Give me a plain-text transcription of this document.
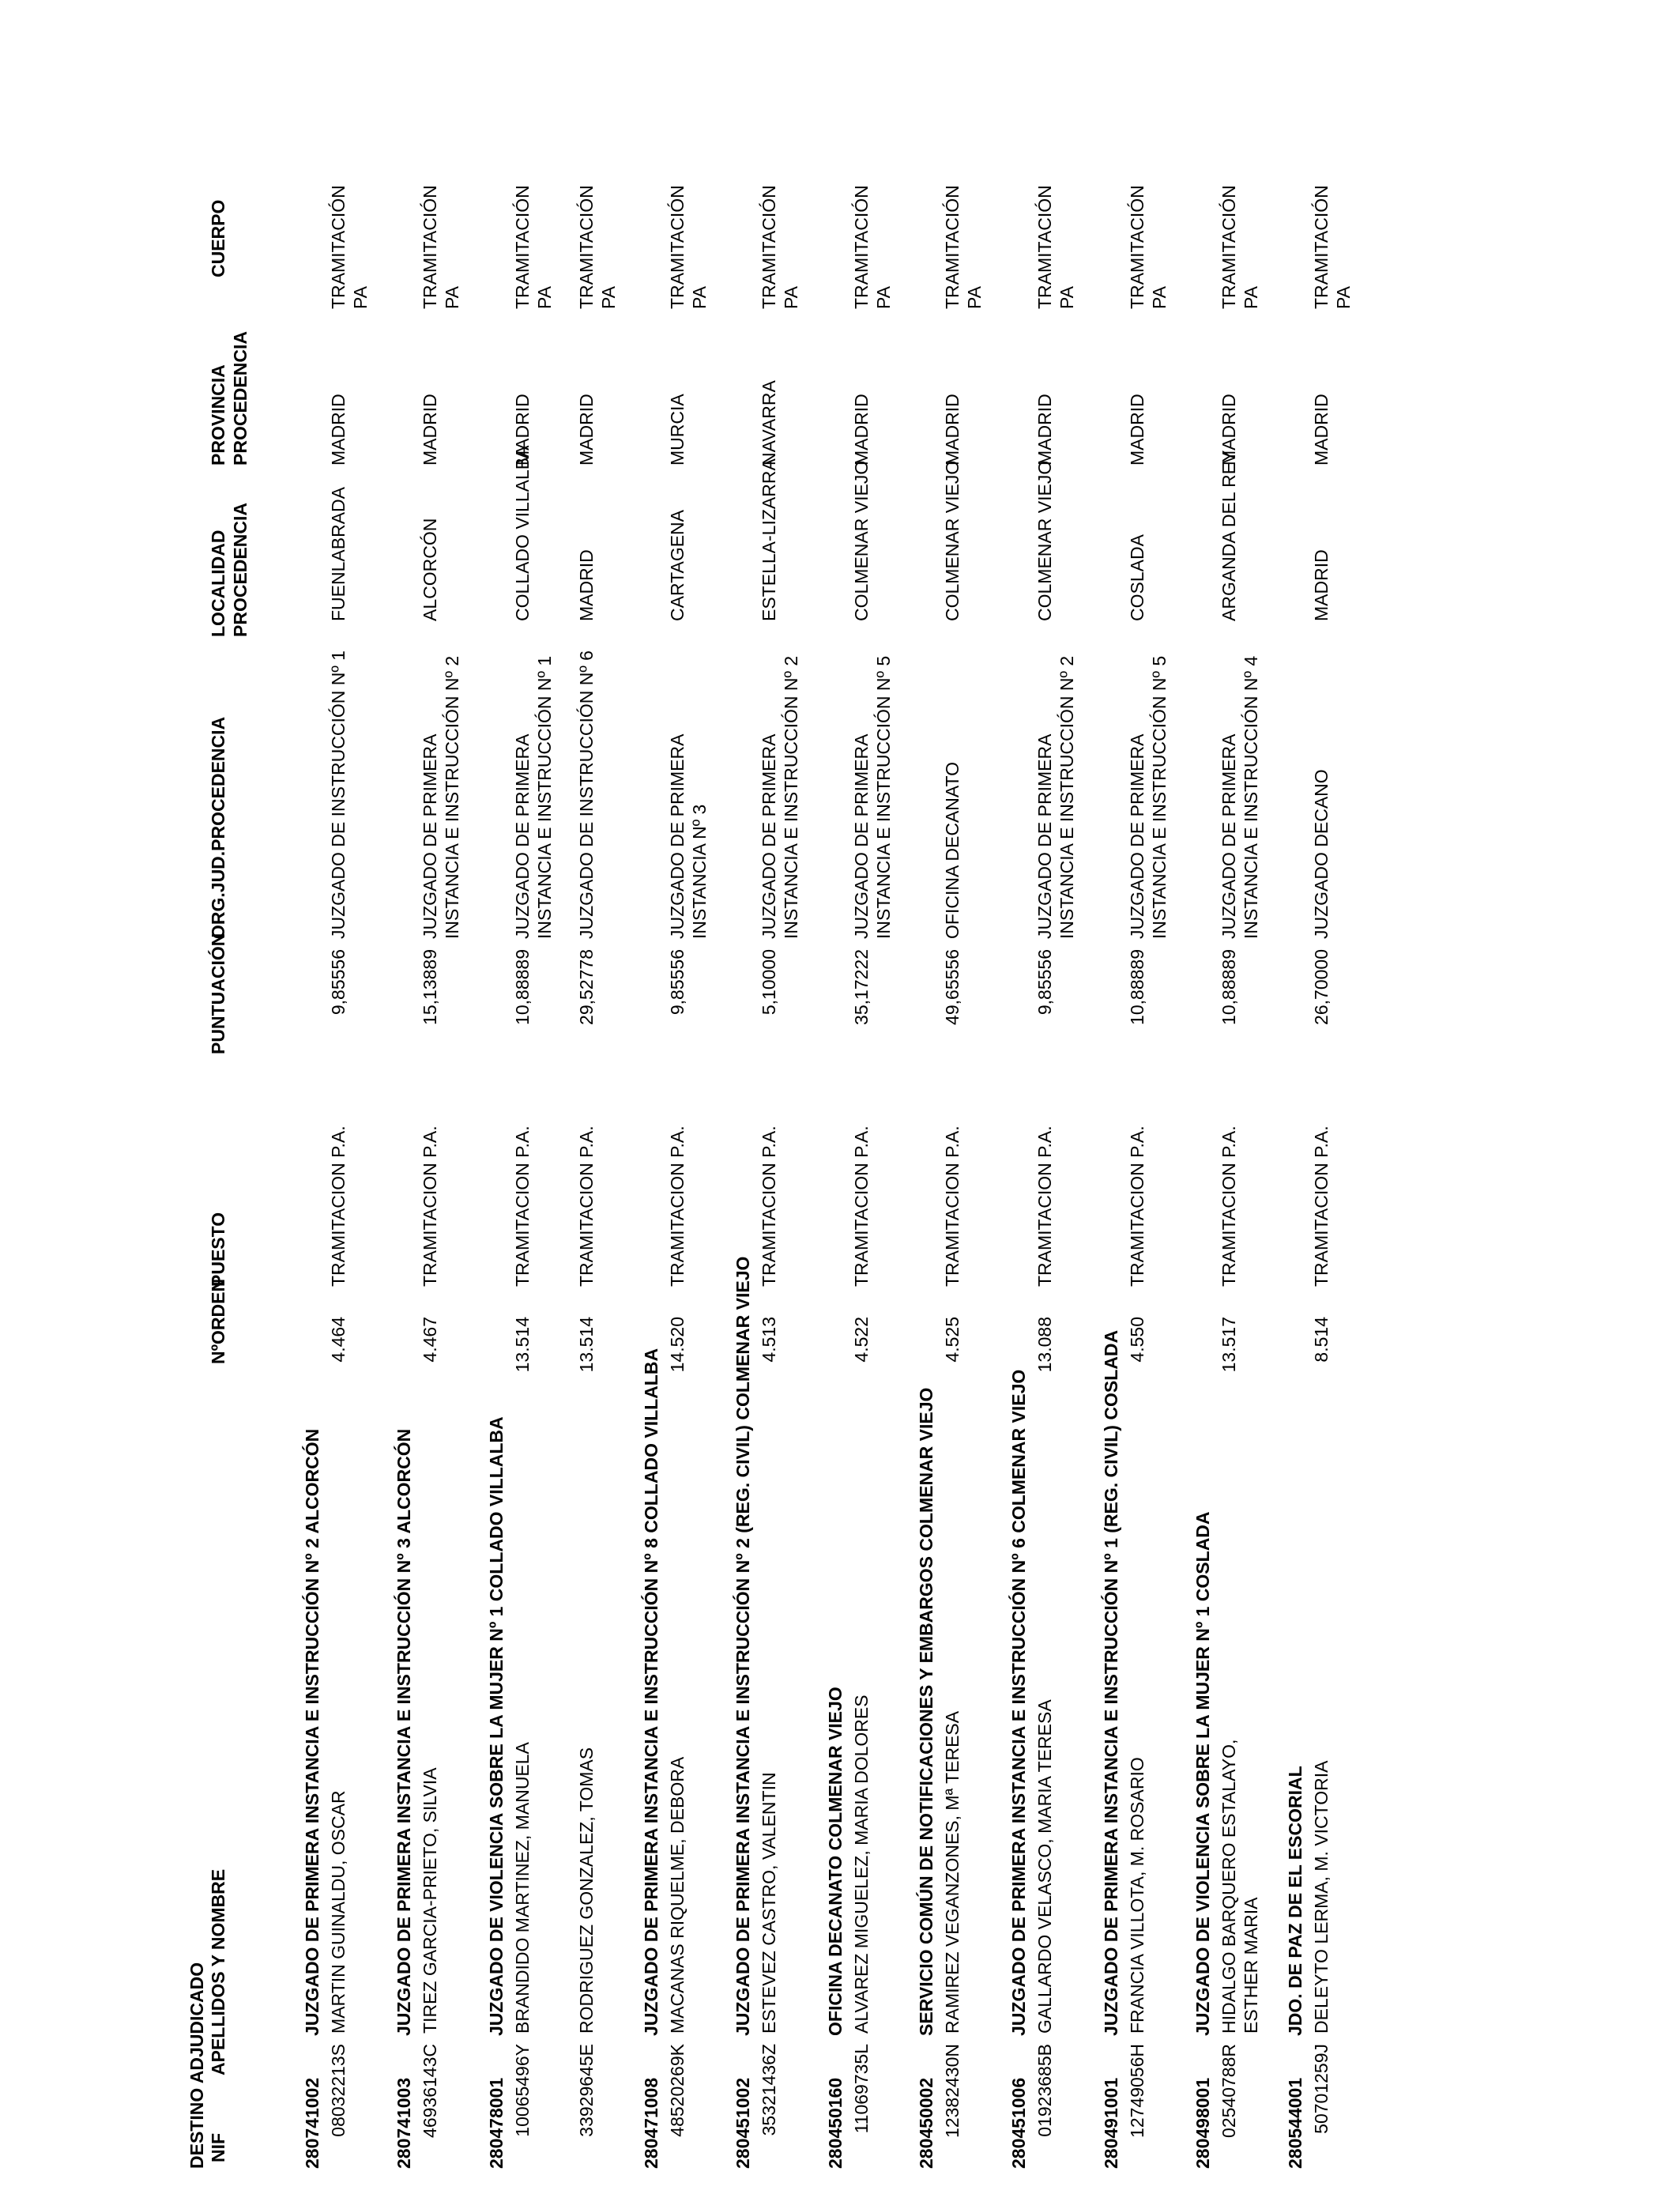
DESTINO ADJUDICADO NIF
APELLIDOS Y NOMBRE
NºORDEN
PUESTO
PUNTUACIÓN
ORG.JUD.PROCEDENCIA
LOCALIDAD PROCEDENCIA
PROVINCIA PROCEDENCIA
CUERPO
280741002
JUZGADO DE PRIMERA INSTANCIA E INSTRUCCIÓN Nº 2 ALCORCÓN
08032213S
MARTIN GUINALDU, OSCAR
4.464
TRAMITACION P.A.
9,85556
JUZGADO DE INSTRUCCIÓN Nº 1
FUENLABRADA
MADRID
TRAMITACIÓN PA
280741003
JUZGADO DE PRIMERA INSTANCIA E INSTRUCCIÓN Nº 3 ALCORCÓN
46936143C
TIREZ GARCIA-PRIETO, SILVIA
4.467
TRAMITACION P.A.
15,13889
JUZGADO DE PRIMERA INSTANCIA E INSTRUCCIÓN Nº 2
ALCORCÓN
MADRID
TRAMITACIÓN PA
280478001
JUZGADO DE VIOLENCIA SOBRE LA MUJER Nº 1 COLLADO VILLALBA
10065496Y
BRANDIDO MARTINEZ, MANUELA
13.514
TRAMITACION P.A.
10,88889
JUZGADO DE PRIMERA INSTANCIA E INSTRUCCIÓN Nº 1
COLLADO VILLALBA
MADRID
TRAMITACIÓN PA
33929645E
RODRIGUEZ GONZALEZ, TOMAS
13.514
TRAMITACION P.A.
29,52778
JUZGADO DE INSTRUCCIÓN Nº 6
MADRID
MADRID
TRAMITACIÓN PA
280471008
JUZGADO DE PRIMERA INSTANCIA E INSTRUCCIÓN Nº 8 COLLADO VILLALBA
48520269K
MACANAS RIQUELME, DEBORA
14.520
TRAMITACION P.A.
9,85556
JUZGADO DE PRIMERA INSTANCIA Nº 3
CARTAGENA
MURCIA
TRAMITACIÓN PA
280451002
JUZGADO DE PRIMERA INSTANCIA E INSTRUCCIÓN Nº 2 (REG. CIVIL) COLMENAR VIEJO
35321436Z
ESTEVEZ CASTRO, VALENTIN
4.513
TRAMITACION P.A.
5,10000
JUZGADO DE PRIMERA INSTANCIA E INSTRUCCIÓN Nº 2
ESTELLA-LIZARRA
NAVARRA
TRAMITACIÓN PA
280450160
OFICINA DECANATO COLMENAR VIEJO
11069735L
ALVAREZ MIGUELEZ, MARIA DOLORES
4.522
TRAMITACION P.A.
35,17222
JUZGADO DE PRIMERA INSTANCIA E INSTRUCCIÓN Nº 5
COLMENAR VIEJO
MADRID
TRAMITACIÓN PA
280450002
SERVICIO COMÚN DE NOTIFICACIONES Y EMBARGOS COLMENAR VIEJO
12382430N
RAMIREZ VEGANZONES, Mª TERESA
4.525
TRAMITACION P.A.
49,65556
OFICINA DECANATO
COLMENAR VIEJO
MADRID
TRAMITACIÓN PA
280451006
JUZGADO DE PRIMERA INSTANCIA E INSTRUCCIÓN Nº 6 COLMENAR VIEJO
01923685B
GALLARDO VELASCO, MARIA TERESA
13.088
TRAMITACION P.A.
9,85556
JUZGADO DE PRIMERA INSTANCIA E INSTRUCCIÓN Nº 2
COLMENAR VIEJO
MADRID
TRAMITACIÓN PA
280491001
JUZGADO DE PRIMERA INSTANCIA E INSTRUCCIÓN Nº 1 (REG. CIVIL) COSLADA
12749056H
FRANCIA VILLOTA, M. ROSARIO
4.550
TRAMITACION P.A.
10,88889
JUZGADO DE PRIMERA INSTANCIA E INSTRUCCIÓN Nº 5
COSLADA
MADRID
TRAMITACIÓN PA
280498001
JUZGADO DE VIOLENCIA SOBRE LA MUJER Nº 1 COSLADA
02540788R
HIDALGO BARQUERO ESTALAYO, ESTHER MARIA
13.517
TRAMITACION P.A.
10,88889
JUZGADO DE PRIMERA INSTANCIA E INSTRUCCIÓN Nº 4
ARGANDA DEL REY
MADRID
TRAMITACIÓN PA
280544001
JDO. DE PAZ DE EL ESCORIAL
50701259J
DELEYTO LERMA, M. VICTORIA
8.514
TRAMITACION P.A.
26,70000
JUZGADO DECANO
MADRID
MADRID
TRAMITACIÓN PA
